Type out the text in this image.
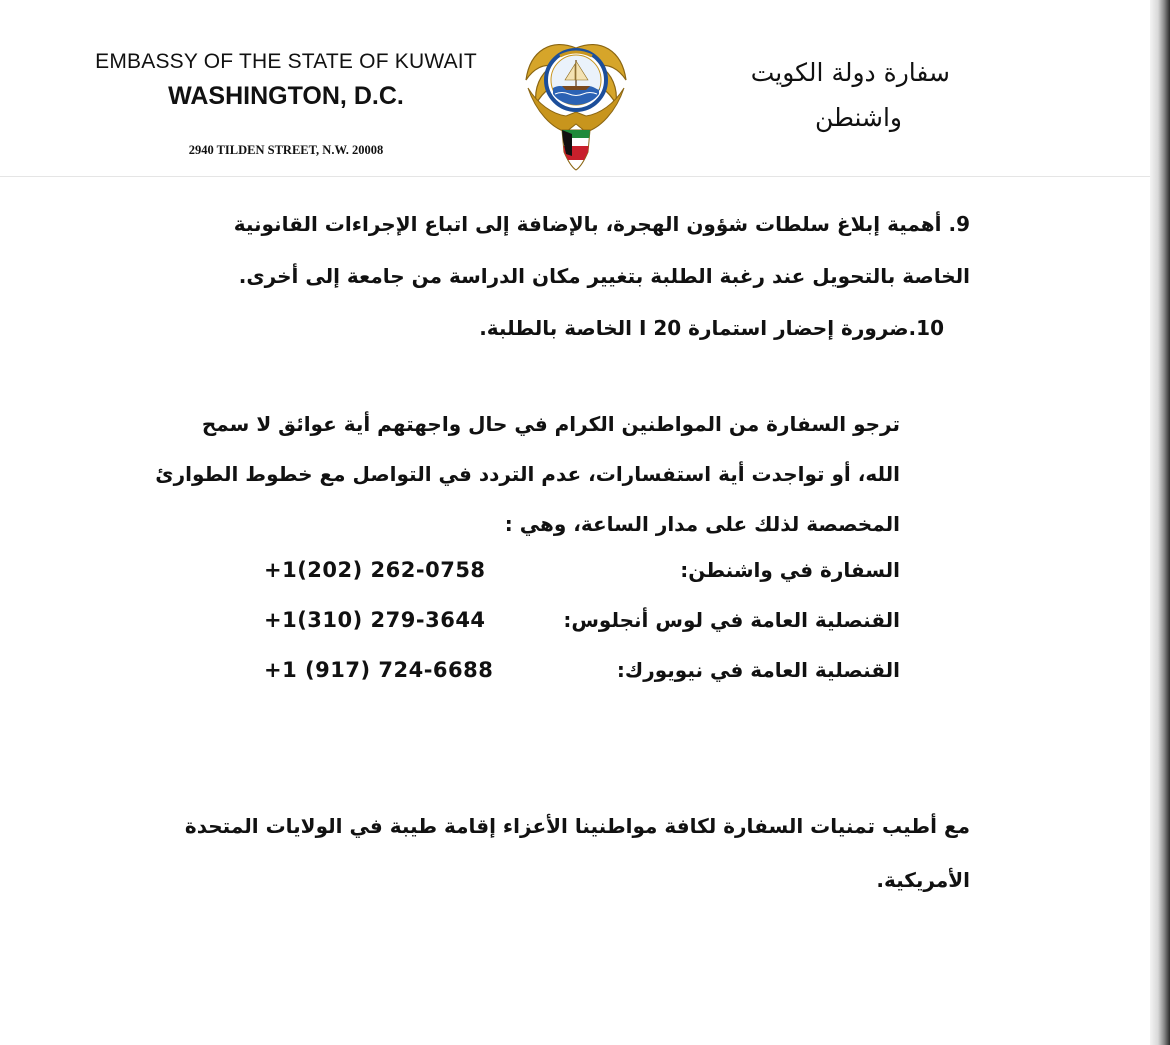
EMBASSY OF THE STATE OF KUWAIT
WASHINGTON, D.C.
2940 TILDEN STREET, N.W. 20008
سفارة دولة الكويت
واشنطن
9. أهمية إبلاغ سلطات شؤون الهجرة، بالإضافة إلى اتباع الإجراءات القانونية
الخاصة بالتحويل عند رغبة الطلبة بتغيير مكان الدراسة من جامعة إلى أخرى.
10.ضرورة إحضار استمارة 20 I الخاصة بالطلبة.
ترجو السفارة من المواطنين الكرام في حال واجهتهم أية عوائق لا سمح
الله، أو تواجدت أية استفسارات، عدم التردد في التواصل مع خطوط الطوارئ
المخصصة لذلك على مدار الساعة، وهي :
السفارة في واشنطن:
+1(202) 262-0758
القنصلية العامة في لوس أنجلوس:
+1(310) 279-3644
القنصلية العامة في نيويورك:
+1 (917) 724-6688
مع أطيب تمنيات السفارة لكافة مواطنينا الأعزاء إقامة طيبة في الولايات المتحدة
الأمريكية.
